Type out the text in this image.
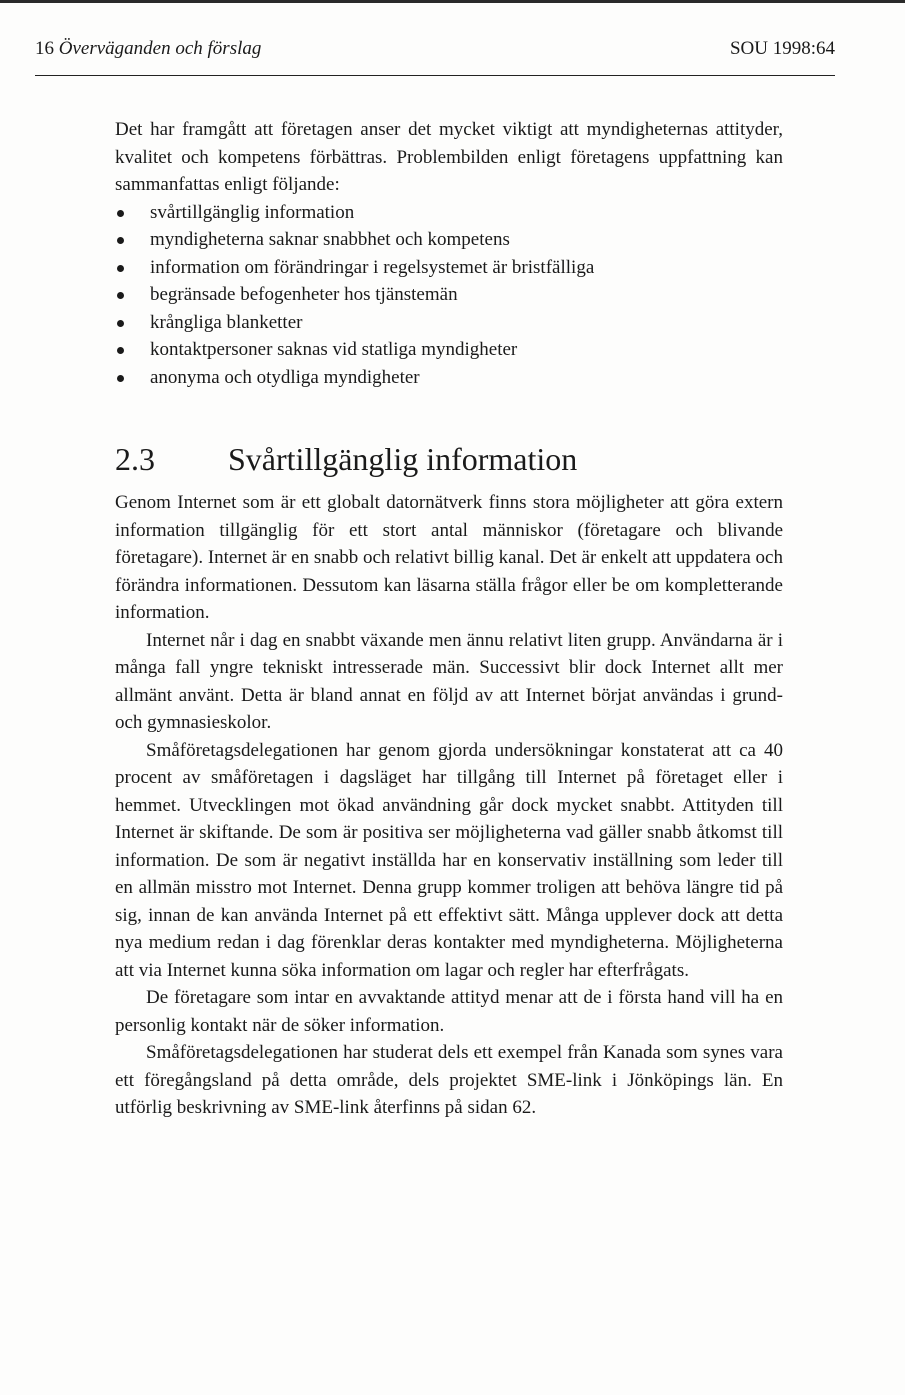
16 Överväganden och förslag	SOU 1998:64

Det har framgått att företagen anser det mycket viktigt att myndigheternas attityder, kvalitet och kompetens förbättras. Problembilden enligt företagens uppfattning kan sammanfattas enligt följande:

svårtillgänglig information
myndigheterna saknar snabbhet och kompetens
information om förändringar i regelsystemet är bristfälliga
begränsade befogenheter hos tjänstemän
krångliga blanketter
kontaktpersoner saknas vid statliga myndigheter
anonyma och otydliga myndigheter
2.3 Svårtillgänglig information

Genom Internet som är ett globalt datornätverk finns stora möjligheter att göra extern information tillgänglig för ett stort antal människor (företagare och blivande företagare). Internet är en snabb och relativt billig kanal. Det är enkelt att uppdatera och förändra informationen. Dessutom kan läsarna ställa frågor eller be om kompletterande information.

Internet når i dag en snabbt växande men ännu relativt liten grupp. Användarna är i många fall yngre tekniskt intresserade män. Successivt blir dock Internet allt mer allmänt använt. Detta är bland annat en följd av att Internet börjat användas i grund- och gymnasieskolor.

Småföretagsdelegationen har genom gjorda undersökningar konstaterat att ca 40 procent av småföretagen i dagsläget har tillgång till Internet på företaget eller i hemmet. Utvecklingen mot ökad användning går dock mycket snabbt. Attityden till Internet är skiftande. De som är positiva ser möjligheterna vad gäller snabb åtkomst till information. De som är negativt inställda har en konservativ inställning som leder till en allmän misstro mot Internet. Denna grupp kommer troligen att behöva längre tid på sig, innan de kan använda Internet på ett effektivt sätt. Många upplever dock att detta nya medium redan i dag förenklar deras kontakter med myndigheterna. Möjligheterna att via Internet kunna söka information om lagar och regler har efterfrågats.

De företagare som intar en avvaktande attityd menar att de i första hand vill ha en personlig kontakt när de söker information.

Småföretagsdelegationen har studerat dels ett exempel från Kanada som synes vara ett föregångsland på detta område, dels projektet SME-link i Jönköpings län. En utförlig beskrivning av SME-link återfinns på sidan 62.
